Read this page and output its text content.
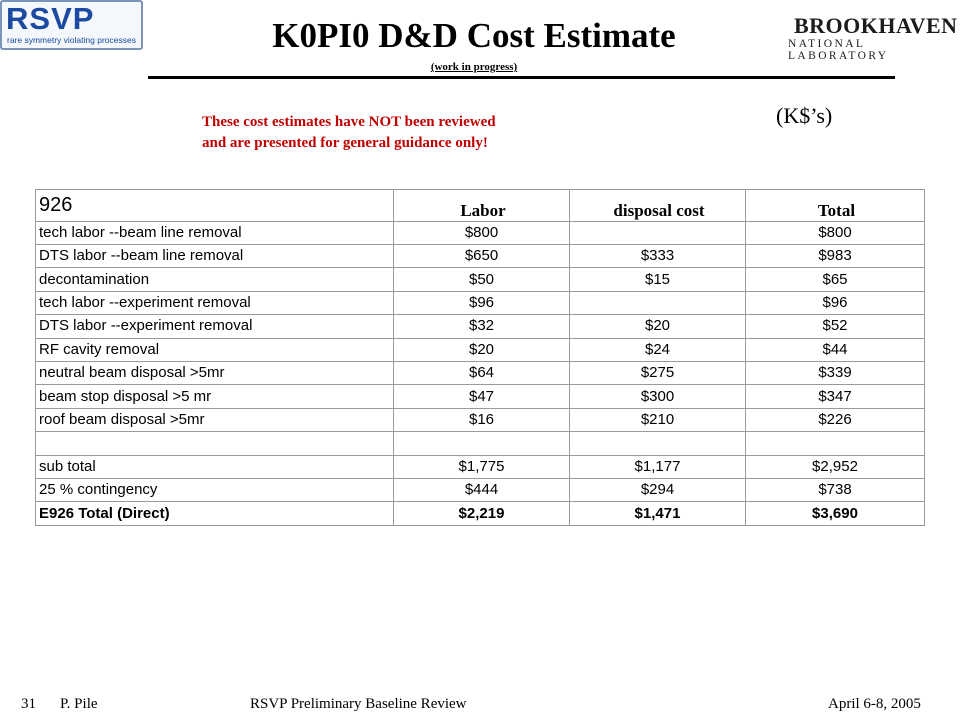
RSVP
rare symmetry violating processes	K0PI0 D&D Cost Estimate
(work in progress)
BROOKHAVEN
NATIONAL LABORATORY
These cost estimates have NOT been reviewed
and are presented for general guidance only!
(K$’s)
926	Labor	disposal cost	Total
tech labor --beam line removal	$800		$800
DTS labor --beam line removal	$650	$333	$983
decontamination	$50	$15	$65
tech labor --experiment removal	$96		$96
DTS labor --experiment removal	$32	$20	$52
RF cavity removal	$20	$24	$44
neutral beam disposal >5mr	$64	$275	$339
beam stop disposal >5 mr	$47	$300	$347
roof beam disposal >5mr	$16	$210	$226

sub total	$1,775	$1,177	$2,952
25 % contingency	$444	$294	$738
E926 Total (Direct)	$2,219	$1,471	$3,690
31 P. Pile	RSVP Preliminary Baseline Review	April 6-8, 2005
